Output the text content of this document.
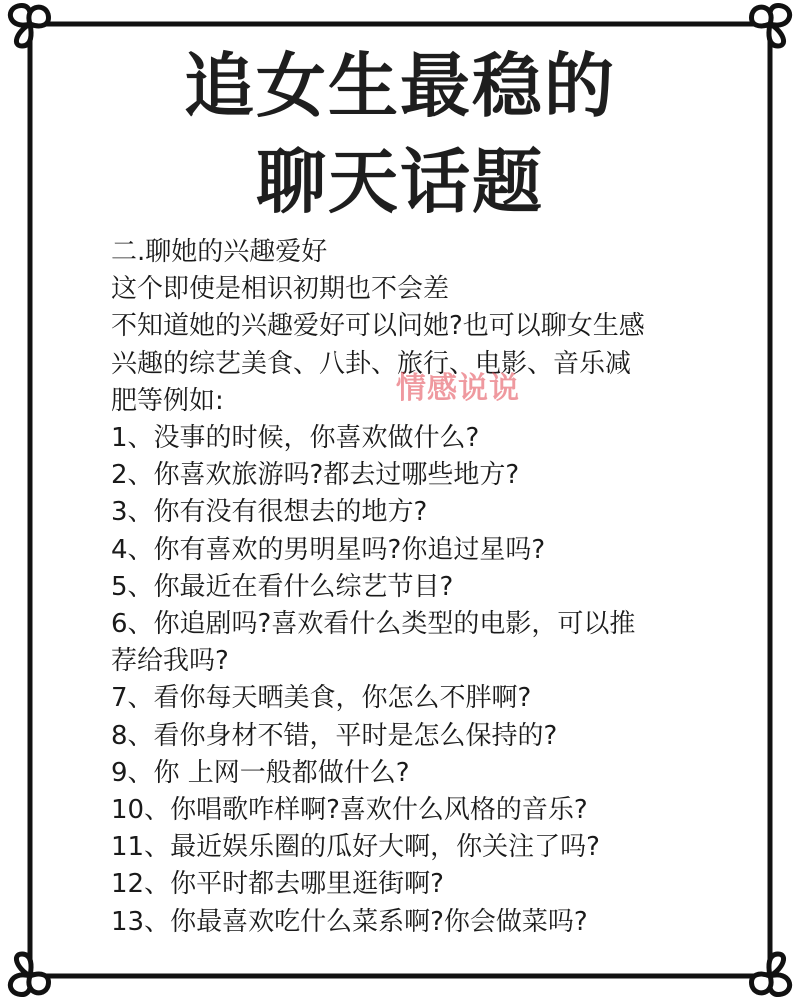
追女生最稳的
聊天话题
二.聊她的兴趣爱好
这个即使是相识初期也不会差
不知道她的兴趣爱好可以问她?也可以聊女生感
兴趣的综艺美食、八卦、旅行、电影、音乐减
肥等例如:
1、没事的时候，你喜欢做什么?
2、你喜欢旅游吗?都去过哪些地方?
3、你有没有很想去的地方?
4、你有喜欢的男明星吗?你追过星吗?
5、你最近在看什么综艺节目?
6、你追剧吗?喜欢看什么类型的电影，可以推
荐给我吗?
7、看你每天晒美食，你怎么不胖啊?
8、看你身材不错，平时是怎么保持的?
9、你 上网一般都做什么?
10、你唱歌咋样啊?喜欢什么风格的音乐?
11、最近娱乐圈的瓜好大啊，你关注了吗?
12、你平时都去哪里逛街啊?
13、你最喜欢吃什么菜系啊?你会做菜吗?
情感说说
